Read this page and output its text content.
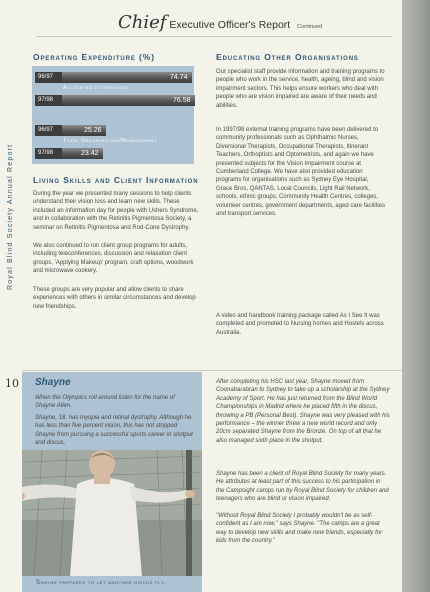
Chief Executive Officer's Report Continued
Royal Blind Society Annual Report
Operating Expenditure (%)
96/97	74.74
Allocated to services
97/98	76.58
96/97	25.26
Total Organisation/Management
97/98	23.42
Living Skills and Client Information

During the year we presented many sessions to help clients understand their vision loss and learn new skills. These included an information day for people with Ushers Syndrome, and in collaboration with the Retinitis Pigmentosa Society, a seminar on Retinitis Pigmentosa and Rod-Cone Dystrophy.

We also continued to run client group programs for adults, including teleconferences, discussion and relaxation client groups, 'Applying Makeup' program, craft options, woodwork and microwave cookery.

These groups are very popular and allow clients to share experiences with others in similar circumstances and develop new friendships.

Educating Other Organisations

Our specialist staff provide information and training programs to people who work in the service, health, ageing, blind and vision impairment sectors. This helps ensure workers who deal with people who are vision impaired are aware of their needs and abilities.

In 1997/98 external training programs have been delivered to community professionals such as Ophthalmic Nurses, Diversional Therapists, Occupational Therapists, Itinerant Teachers, Orthoptists and Optometrists, and again we have presented subjects for the Vision Impairment course at Cumberland College. We have also provided education programs for organisations such as Sydney Eye Hospital, Grace Bros, QANTAS, Local Councils, Light Rail Network, schools, ethnic groups, Community Health Centres, colleges, volunteer centres, government departments, aged care facilities and transport services.

A video and handbook training package called As I See It was completed and promoted to Nursing homes and Hostels across Australia.

10 Shayne

When the Olympics roll around listen for the name of Shayne Allen.

Shayne, 18, has myopia and retinal dystrophy. Although he has less than five percent vision, this has not stopped Shayne from pursuing a successful sports career in shotput and discus.

After completing his HSC last year, Shayne moved from Coonabarabran to Sydney to take up a scholarship at the Sydney Academy of Sport. He has just returned from the Blind World Championships in Madrid where he placed fifth in the discus, throwing a PB (Personal Best). Shayne was very pleased with his performance – the winner threw a new world record and only 20cm separated Shayne from the Bronze. On top of all that he also managed sixth place in the shotput.

Shayne has been a client of Royal Blind Society for many years. He attributes at least part of this success to his participation in the Campsight camps run by Royal Blind Society for children and teenagers who are blind or vision impaired.

"Without Royal Blind Society I probably wouldn't be as self-confident as I am now," says Shayne. "The camps are a great way to develop new skills and make new friends, especially for kids from the country."

Shayne prepares to let another discus fly.
